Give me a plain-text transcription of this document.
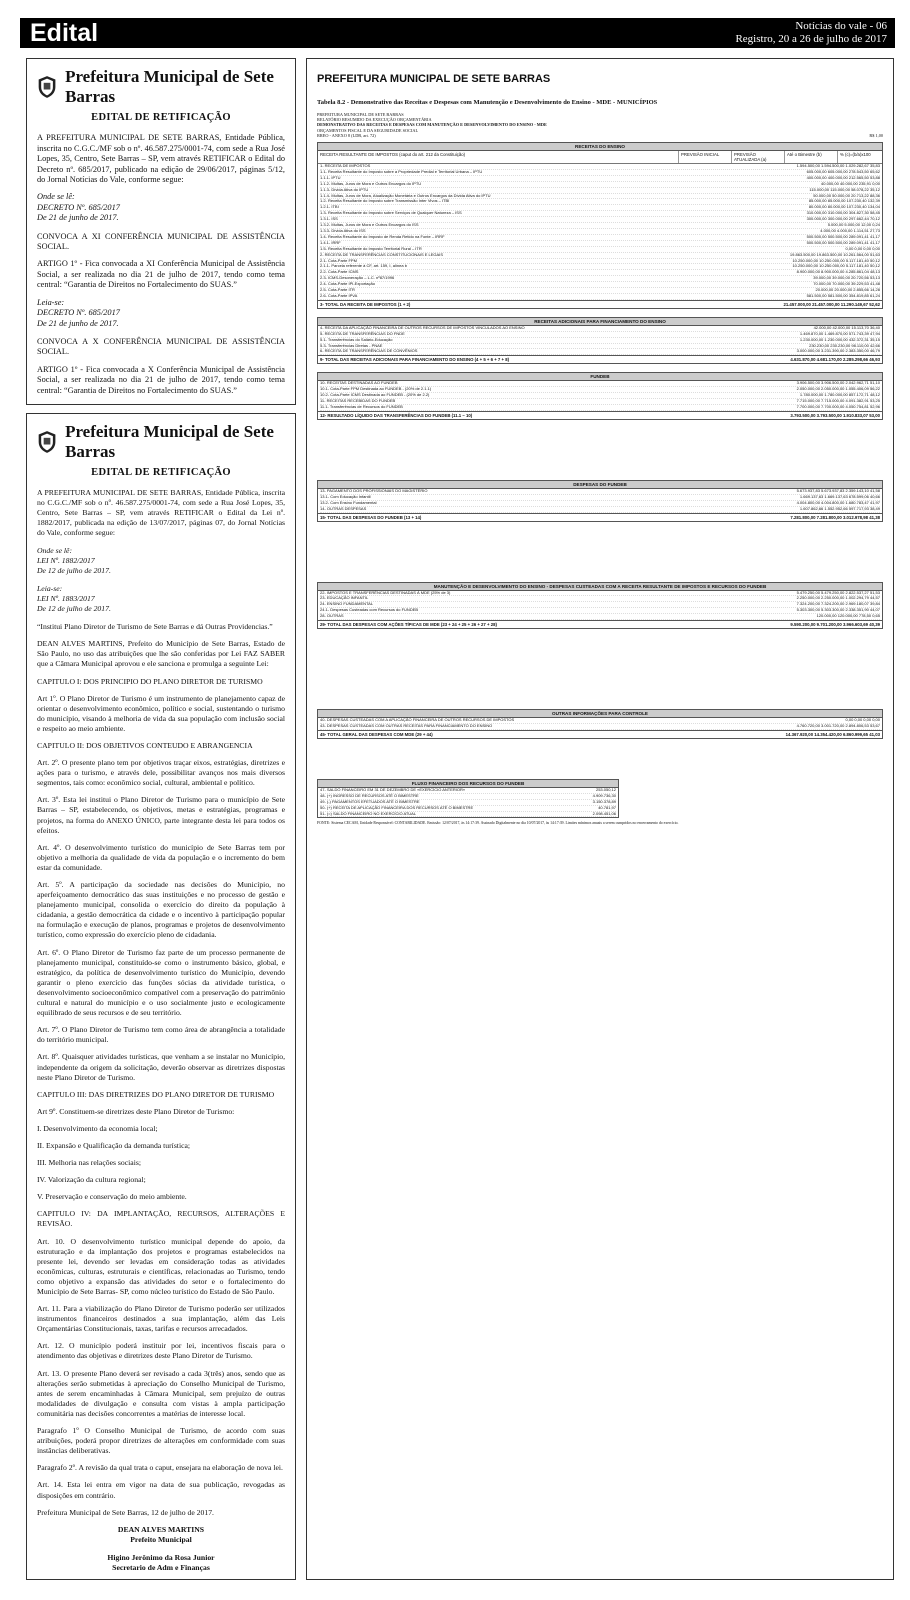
Edital	Notícias do vale - 06
Registro, 20 a 26 de julho de 2017
Prefeitura Municipal de Sete Barras
EDITAL DE RETIFICAÇÃO

A PREFEITURA MUNICIPAL DE SETE BARRAS, Entidade Pública, inscrita no C.G.C./MF sob o nº. 46.587.275/0001-74, com sede a Rua José Lopes, 35, Centro, Sete Barras – SP, vem através RETIFICAR o Edital do Decreto nº. 685/2017, publicado na edição de 29/06/2017, páginas 5/12, do Jornal Notícias do Vale, conforme segue:

Onde se lê:

DECRETO Nº. 685/2017

De 21 de junho de 2017.

CONVOCA A XI CONFERÊNCIA MUNICIPAL DE ASSISTÊNCIA SOCIAL.

ARTIGO 1º - Fica convocada a XI Conferência Municipal de Assistência Social, a ser realizada no dia 21 de julho de 2017, tendo como tema central: “Garantia de Direitos no Fortalecimento do SUAS.”

Leia-se:

DECRETO Nº. 685/2017

De 21 de junho de 2017.

CONVOCA A X CONFERÊNCIA MUNICIPAL DE ASSISTÊNCIA SOCIAL.

ARTIGO 1º - Fica convocada a X Conferência Municipal de Assistência Social, a ser realizada no dia 21 de julho de 2017, tendo como tema central: “Garantia de Direitos no Fortalecimento do SUAS.”

Prefeitura Municipal de Sete Barras
EDITAL DE RETIFICAÇÃO

A PREFEITURA MUNICIPAL DE SETE BARRAS, Entidade Pública, inscrita no C.G.C./MF sob o nº. 46.587.275/0001-74, com sede a Rua José Lopes, 35, Centro, Sete Barras – SP, vem através RETIFICAR o Edital da Lei nº. 1882/2017, publicada na edição de 13/07/2017, páginas 07, do Jornal Notícias do Vale, conforme segue:

Onde se lê:

LEI Nº. 1882/2017

De 12 de julho de 2017.

Leia-se:

LEI Nº. 1883/2017

De 12 de julho de 2017.

“Institui Plano Diretor de Turismo de Sete Barras e dá Outras Providencias.”

DEAN ALVES MARTINS, Prefeito do Município de Sete Barras, Estado de São Paulo, no uso das atribuições que lhe são conferidas por Lei FAZ SABER que a Câmara Municipal aprovou e ele sanciona e promulga a seguinte Lei:

CAPITULO I: DOS PRINCIPIO DO PLANO DIRETOR DE TURISMO

Art 1º. O Plano Diretor de Turismo é um instrumento de planejamento capaz de orientar o desenvolvimento econômico, político e social, sustentando o turismo do município, visando à melhoria de vida da sua população com inclusão social e respeito ao meio ambiente.

CAPITULO II: DOS OBJETIVOS CONTEUDO E ABRANGENCIA

Art. 2º. O presente plano tem por objetivos traçar eixos, estratégias, diretrizes e ações para o turismo, e através dele, possibilitar avanços nos mais diversos segmentos, tais como: econômico social, cultural, ambiental e político.

Art. 3º. Esta lei institui o Plano Diretor de Turismo para o município de Sete Barras – SP, estabelecendo, os objetivos, metas e estratégias, programas e projetos, na forma do ANEXO ÚNICO, parte integrante desta lei para todos os efeitos.

Art. 4º. O desenvolvimento turístico do município de Sete Barras tem por objetivo a melhoria da qualidade de vida da população e o incremento do bem estar da comunidade.

Art. 5º. A participação da sociedade nas decisões do Município, no aperfeiçoamento democrático das suas instituições e no processo de gestão e planejamento municipal, consolida o exercício do direito da população à cidadania, a gestão democrática da cidade e o incentivo à participação popular na formulação e execução de planos, programas e projetos de desenvolvimento turístico, como expressão do exercício pleno de cidadania.

Art. 6º. O Plano Diretor de Turismo faz parte de um processo permanente de planejamento municipal, constituído-se como o instrumento básico, global, e estratégico, da política de desenvolvimento turístico do Município, devendo garantir o pleno exercício das funções sócias da atividade turística, o desenvolvimento socioeconômico compatível com a preservação do patrimônio cultural e natural do município e o uso socialmente justo e ecologicamente equilibrado de seus recursos e de seu território.

Art. 7º. O Plano Diretor de Turismo tem como área de abrangência a totalidade do território municipal.

Art. 8º. Quaisquer atividades turísticas, que venham a se instalar no Município, independente da origem da solicitação, deverão observar as diretrizes dispostas neste Plano Diretor de Turismo.

CAPITULO III: DAS DIRETRIZES DO PLANO DIRETOR DE TURISMO

Art 9º. Constituem-se diretrizes deste Plano Diretor de Turismo:

I. Desenvolvimento da economia local;

II. Expansão e Qualificação da demanda turística;

III. Melhoria nas relações sociais;

IV. Valorização da cultura regional;

V. Preservação e conservação do meio ambiente.

CAPITULO IV: DA IMPLANTAÇÃO, RECURSOS, ALTERAÇÕES E REVISÃO.

Art. 10. O desenvolvimento turístico municipal depende do apoio, da estruturação e da implantação dos projetos e programas estabelecidos na presente lei, devendo ser levadas em consideração todas as atividades econômicas, culturas, estruturais e científicas, relacionadas ao Turismo, tendo como objetivo a expansão das atividades do setor e o fortalecimento do Município de Sete Barras- SP, como núcleo turístico do Estado de São Paulo.

Art. 11. Para a viabilização do Plano Diretor de Turismo poderão ser utilizados instrumentos financeiros destinados a sua implantação, além das Leis Orçamentárias Constitucionais, taxas, tarifas e recursos arrecadados.

Art. 12. O município poderá instituir por lei, incentivos fiscais para o atendimento das objetivas e diretrizes deste Plano Diretor de Turismo.

Art. 13. O presente Plano deverá ser revisado a cada 3(três) anos, sendo que as alterações serão submetidas à apreciação do Conselho Municipal de Turismo, antes de serem encaminhadas à Câmara Municipal, sem prejuízo de outras modalidades de divulgação e consulta com vistas à ampla participação comunitária nas decisões concorrentes a matérias de interesse local.

Paragrafo 1º O Conselho Municipal de Turismo, de acordo com suas atribuições, poderá propor diretrizes de alterações em conformidade com suas instâncias deliberativas.

Paragrafo 2º. A revisão da qual trata o caput, ensejara na elaboração de nova lei.

Art. 14. Esta lei entra em vigor na data de sua publicação, revogadas as disposições em contrário.

Prefeitura Municipal de Sete Barras, 12 de julho de 2017.

DEAN ALVES MARTINS

Prefeito Municipal

Higino Jerônimo da Rosa Junior

Secretario de Adm e Finanças

PREFEITURA MUNICIPAL DE SETE BARRAS
Tabela 8.2 - Demonstrativo das Receitas e Despesas com Manutenção e Desenvolvimento do Ensino - MDE - MUNICÍPIOS
PREFEITURA MUNICIPAL DE SETE BARRAS
RELATÓRIO RESUMIDO DA EXECUÇÃO ORÇAMENTÁRIA
DEMONSTRATIVO DAS RECEITAS E DESPESAS COM MANUTENÇÃO E DESENVOLVIMENTO DO ENSINO - MDE
ORÇAMENTOS FISCAL E DA SEGURIDADE SOCIAL
RREO - ANEXO 8 (LDB, art. 72)	R$ 1,00
RECEITAS DO ENSINO
RECEITA RESULTANTE DE IMPOSTOS (caput do art. 212 da Constituição)	PREVISÃO INICIAL	PREVISÃO ATUALIZADA (a)
Até o Bimestre (b)	% (c)=(b/a)x100
1- RECEITA DE IMPOSTOS	1.594.500,00 1.594.500,00 1.029.282,67 35,83
1.1- Receita Resultante do Imposto sobre a Propriedade Predial e Territorial Urbana – IPTU	605.000,00 605.000,00 278.543,50 65,62
1.1.1- IPTU	400.000,00 400.000,00 212.565,50 53,88
1.1.2- Multas, Juros de Mora e Outros Encargos do IPTU	40.000,00 40.000,00 235,91 0,00
1.1.3- Dívida Ativa do IPTU	115.000,00 115.000,00 58.078,22 35,12
1.1.4- Multas, Juros de Mora, Atualização Monetária e Outros Encargos da Dívida Ativa do IPTU	50.000,00 50.000,00 20.713,22 88,36
1.2- Receita Resultante do Imposto sobre Transmissão Inter Vivos – ITBI	85.000,00 85.000,00 107.230,40 132,39
1.2.1- ITBI	80.000,00 80.000,00 107.230,40 134,04
1.3- Receita Resultante do Imposto sobre Serviços de Qualquer Natureza – ISS	310.000,00 310.000,00 304.827,30 58,45
1.3.1- ISS	300.000,00 300.000,00 297.662,44 70,12
1.3.2- Multas, Juros de Mora e Outros Encargos do ISS	5.000,00 5.000,00 12,00 0,24
1.3.3- Dívida Ativa do ISS	4.000,00 4.000,00 1.114,51 27,73
1.4- Receita Resultante do Imposto de Renda Retido na Fonte – IRRF	500.500,00 500.500,00 289.091,41 41,17
1.4.1- IRRF	500.500,00 500.500,00 289.091,41 41,17
1.5- Receita Resultante do Imposto Territorial Rural – ITR	0,00 0,00 0,00 0,00
2- RECEITA DE TRANSFERÊNCIAS CONSTITUCIONAIS E LEGAIS	19.863.500,00 19.863.500,00 10.261.564,00 51,63
2.1- Cota-Parte FPM	10.250.000,00 10.250.000,00 5.117.181,40 50,12
2.1.1- Parcela referente à CF, art. 159, I, alínea b	10.250.000,00 10.250.000,00 5.117.181,40 50,12
2.2- Cota-Parte ICMS	8.900.000,00 8.900.000,00 4.285.861,04 48,13
2.3- ICMS-Desoneração – L.C. nº87/1996	39.000,00 39.000,00 20.720,56 53,13
2.4- Cota-Parte IPI-Exportação	70.000,00 70.000,00 39.229,53 41,48
2.5- Cota-Parte ITR	20.000,00 20.000,00 2.855,66 14,28
2.6- Cota-Parte IPVA	581.500,00 581.500,00 354.819,85 61,24
3- TOTAL DA RECEITA DE IMPOSTOS (1 + 2)	21.457.000,00 21.457.000,00 11.290.149,67 52,62
RECEITAS ADICIONAIS PARA FINANCIAMENTO DO ENSINO
4- RECEITA DA APLICAÇÃO FINANCEIRA DE OUTROS RECURSOS DE IMPOSTOS VINCULADOS AO ENSINO	42.000,00 42.000,00 15.113,70 36,40
5- RECEITA DE TRANSFERÊNCIAS DO FNDE	1.469.870,00 1.469.870,00 571.743,39 47,94
5.1- Transferências do Salário-Educação	1.230.000,00 1.230.000,00 432.372,31 35,15
5.3- Transferências Diretas - PNAE	230.230,00 230.230,00 98.110,00 42,66
6- RECEITA DE TRANSFERÊNCIAS DE CONVÊNIOS	3.000.000,00 3.231.390,00 2.383.350,00 46,79
9- TOTAL DAS RECEITAS ADICIONAIS PARA FINANCIAMENTO DO ENSINO (4 + 5 + 6 + 7 + 8)	4.631.870,00 4.681.170,00 2.285.298,66 46,93
FUNDEB
10- RECEITAS DESTINADAS AO FUNDEB	3.906.500,00 3.906.500,00 2.042.962,71 51,10
10.1- Cota-Parte FPM Destinada ao FUNDEB - (20% de 2.1.1)	2.050.000,00 2.050.000,00 1.055.406,09 56,22
10.2- Cota-Parte ICMS Destinada ao FUNDEB - (20% de 2.2)	1.780.000,00 1.780.000,00 857.172,71 48,12
11- RECEITAS RECEBIDAS DO FUNDEB	7.715.000,00 7.715.000,00 4.091.382,91 53,25
11.1- Transferências de Recursos do FUNDEB	7.700.000,00 7.700.000,00 4.050.754,81 52,96
12- RESULTADO LÍQUIDO DAS TRANSFERÊNCIAS DO FUNDEB (11.1 – 10)	3.793.500,00 3.793.500,00 1.910.833,07 53,00
DESPESAS DO FUNDEB
13- PAGAMENTO DOS PROFISSIONAIS DO MAGISTÉRIO	5.673.937,83 5.673.937,83 2.359.143,10 41,58
13.1- Com Educação Infantil	1.669.137,63 1.669.137,63 678.599,06 40,66
13.2- Com Ensino Fundamental	4.004.800,00 4.004.800,00 1.680.783,47 41,97
14- OUTRAS DESPESAS	1.607.862,66 1.552.952,66 597.717,93 38,49
15- TOTAL DAS DESPESAS DO FUNDEB (13 + 14)	7.281.800,00 7.281.800,00 3.012.978,98 41,38
MANUTENÇÃO E DESENVOLVIMENTO DO ENSINO - DESPESAS CUSTEADAS COM A RECEITA RESULTANTE DE IMPOSTOS E RECURSOS DO FUNDEB
22- IMPOSTOS E TRANSFERÊNCIAS DESTINADAS À MDE (25% de 3)	5.479.250,00 5.479.250,00 2.822.537,27 51,53
23- EDUCAÇÃO INFANTIL	2.250.000,00 2.250.000,00 1.002.294,79 44,57
24- ENSINO FUNDAMENTAL	7.324.200,00 7.324.200,00 2.969.180,07 39,84
24.1- Despesas Custeadas com Recursos do FUNDEB	5.303.300,00 5.303.300,00 2.338.351,90 44,07
28- OUTRAS	120.000,00 120.000,00 778,50 0,65
29- TOTAL DAS DESPESAS COM AÇÕES TÍPICAS DE MDE (23 + 24 + 25 + 26 + 27 + 28)	9.590.200,00 9.701.200,00 3.966.603,69 40,39
OUTRAS INFORMAÇÕES PARA CONTROLE
40- DESPESAS CUSTEADAS COM A APLICAÇÃO FINANCEIRA DE OUTROS RECURSOS DE IMPOSTOS	0,00 0,00 0,00 0,00
43- DESPESAS CUSTEADAS COM OUTRAS RECEITAS PARA FINANCIAMENTO DO ENSINO	4.760.720,00 3.001.720,00 2.894.806,53 53,67
45- TOTAL GERAL DAS DESPESAS COM MDE (29 + 44)	14.367.920,00 14.354.420,00 6.860.999,65 41,03
FLUXO FINANCEIRO DOS RECURSOS DO FUNDEB
47- SALDO FINANCEIRO EM 31 DE DEZEMBRO DE «EXERCÍCIO ANTERIOR»	253.050,12
48- (+) INGRESSO DE RECURSOS ATÉ O BIMESTRE	4.909.736,30
49- (-) PAGAMENTOS EFETUADOS ATÉ O BIMESTRE	3.150.378,89
50- (+) RECEITA DE APLICAÇÃO FINANCEIRA DOS RECURSOS ATÉ O BIMESTRE	40.781,97
51- (=) SALDO FINANCEIRO NO EXERCÍCIO ATUAL	2.098.451,06
FONTE: Sistema CECAM, Unidade Responsável: CONTABILIDADE. Emissão: 12/07/2017, às 14:17:39. Assinado Digitalmente no dia 10/07/2017, às 14:17:39. Limites mínimos anuais a serem cumpridos no encerramento do exercício.
